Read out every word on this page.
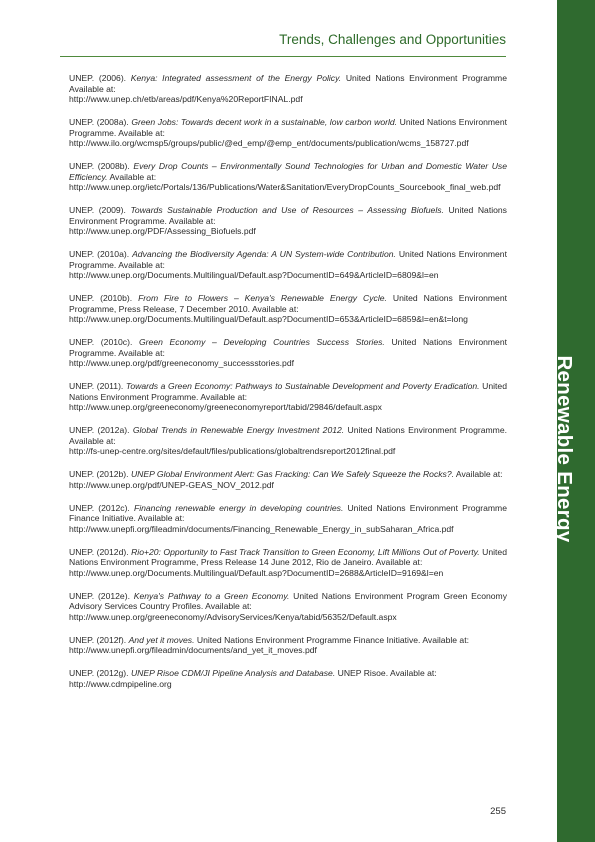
Trends, Challenges and Opportunities
Renewable Energy
UNEP. (2006). Kenya: Integrated assessment of the Energy Policy. United Nations Environment Programme Available at:
http://www.unep.ch/etb/areas/pdf/Kenya%20ReportFINAL.pdf
UNEP. (2008a). Green Jobs: Towards decent work in a sustainable, low carbon world. United Nations Environment Programme. Available at:
http://www.ilo.org/wcmsp5/groups/public/@ed_emp/@emp_ent/documents/publication/wcms_158727.pdf
UNEP. (2008b). Every Drop Counts – Environmentally Sound Technologies for Urban and Domestic Water Use Efficiency. Available at:
http://www.unep.org/ietc/Portals/136/Publications/Water&Sanitation/EveryDropCounts_Sourcebook_final_web.pdf
UNEP. (2009). Towards Sustainable Production and Use of Resources – Assessing Biofuels. United Nations Environment Programme. Available at:
http://www.unep.org/PDF/Assessing_Biofuels.pdf
UNEP. (2010a). Advancing the Biodiversity Agenda: A UN System-wide Contribution. United Nations Environment Programme. Available at:
http://www.unep.org/Documents.Multilingual/Default.asp?DocumentID=649&ArticleID=6809&l=en
UNEP. (2010b). From Fire to Flowers – Kenya's Renewable Energy Cycle. United Nations Environment Programme, Press Release, 7 December 2010. Available at:
http://www.unep.org/Documents.Multilingual/Default.asp?DocumentID=653&ArticleID=6859&l=en&t=long
UNEP. (2010c). Green Economy – Developing Countries Success Stories. United Nations Environment Programme. Available at:
http://www.unep.org/pdf/greeneconomy_successstories.pdf
UNEP. (2011). Towards a Green Economy: Pathways to Sustainable Development and Poverty Eradication. United Nations Environment Programme. Available at:
http://www.unep.org/greeneconomy/greeneconomyreport/tabid/29846/default.aspx
UNEP. (2012a). Global Trends in Renewable Energy Investment 2012. United Nations Environment Programme. Available at:
http://fs-unep-centre.org/sites/default/files/publications/globaltrendsreport2012final.pdf
UNEP. (2012b). UNEP Global Environment Alert: Gas Fracking: Can We Safely Squeeze the Rocks?. Available at:
http://www.unep.org/pdf/UNEP-GEAS_NOV_2012.pdf
UNEP. (2012c). Financing renewable energy in developing countries. United Nations Environment Programme Finance Initiative. Available at:
http://www.unepfi.org/fileadmin/documents/Financing_Renewable_Energy_in_subSaharan_Africa.pdf
UNEP. (2012d). Rio+20: Opportunity to Fast Track Transition to Green Economy, Lift Millions Out of Poverty. United Nations Environment Programme, Press Release 14 June 2012, Rio de Janeiro. Available at:
http://www.unep.org/Documents.Multilingual/Default.asp?DocumentID=2688&ArticleID=9169&l=en
UNEP. (2012e). Kenya's Pathway to a Green Economy. United Nations Environment Program Green Economy Advisory Services Country Profiles. Available at:
http://www.unep.org/greeneconomy/AdvisoryServices/Kenya/tabid/56352/Default.aspx
UNEP. (2012f). And yet it moves. United Nations Environment Programme Finance Initiative. Available at:
http://www.unepfi.org/fileadmin/documents/and_yet_it_moves.pdf
UNEP. (2012g). UNEP Risoe CDM/JI Pipeline Analysis and Database. UNEP Risoe. Available at:
http://www.cdmpipeline.org
255
